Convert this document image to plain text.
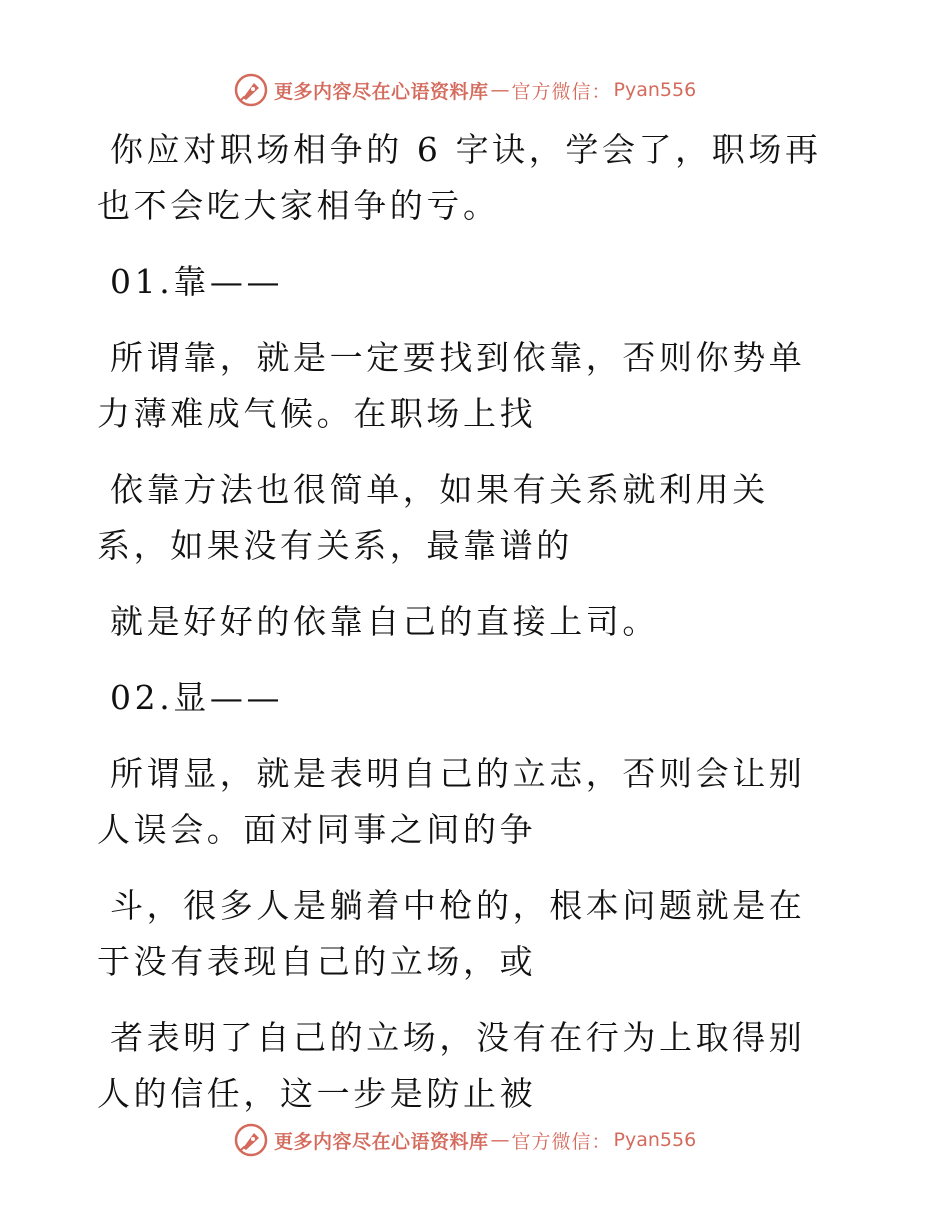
更多内容尽在心语资料库 — 官方微信： Pyan556

你应对职场相争的 6 字诀，学会了，职场再也不会吃大家相争的亏。

01.靠——

所谓靠，就是一定要找到依靠，否则你势单力薄难成气候。在职场上找

依靠方法也很简单，如果有关系就利用关系，如果没有关系，最靠谱的

就是好好的依靠自己的直接上司。

02.显——

所谓显，就是表明自己的立志，否则会让别人误会。面对同事之间的争

斗，很多人是躺着中枪的，根本问题就是在于没有表现自己的立场，或

者表明了自己的立场，没有在行为上取得别人的信任，这一步是防止被

更多内容尽在心语资料库 — 官方微信： Pyan556
